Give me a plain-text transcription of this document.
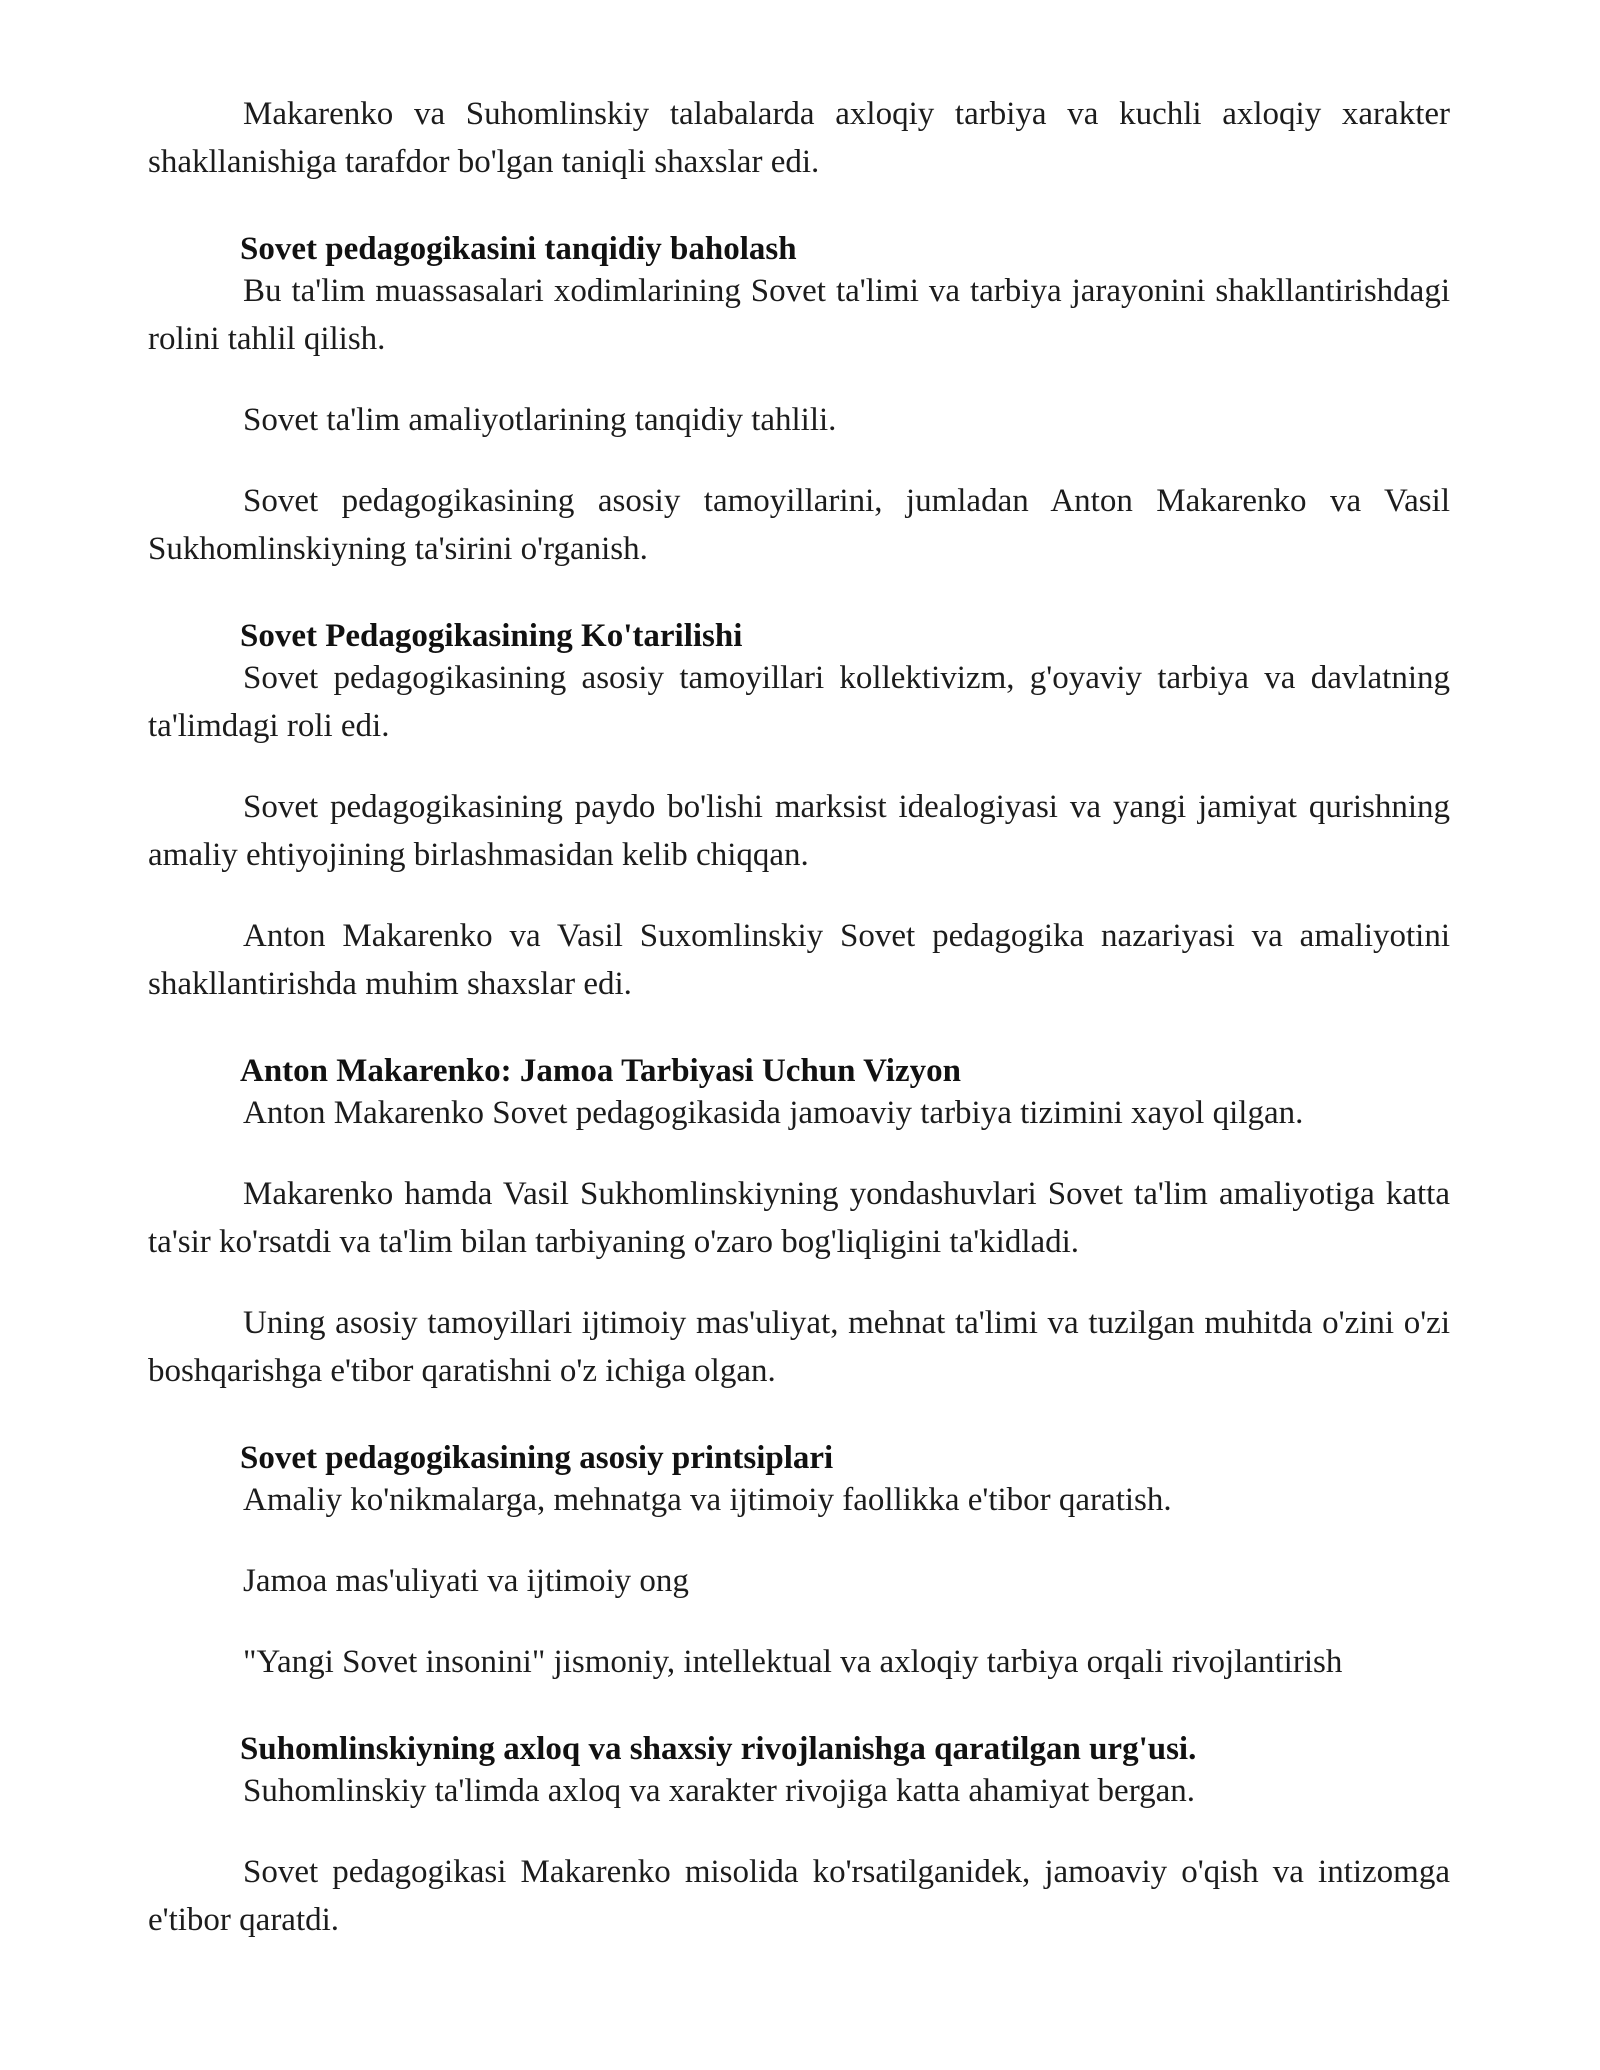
Makarenko va Suhomlinskiy talabalarda axloqiy tarbiya va kuchli axloqiy xarakter shakllanishiga tarafdor bo'lgan taniqli shaxslar edi.

Sovet pedagogikasini tanqidiy baholash

Bu ta'lim muassasalari xodimlarining Sovet ta'limi va tarbiya jarayonini shakllantirishdagi rolini tahlil qilish.

Sovet ta'lim amaliyotlarining tanqidiy tahlili.

Sovet pedagogikasining asosiy tamoyillarini, jumladan Anton Makarenko va Vasil Sukhomlinskiyning ta'sirini o'rganish.

Sovet Pedagogikasining Ko'tarilishi

Sovet pedagogikasining asosiy tamoyillari kollektivizm, g'oyaviy tarbiya va davlatning ta'limdagi roli edi.

Sovet pedagogikasining paydo bo'lishi marksist idealogiyasi va yangi jamiyat qurishning amaliy ehtiyojining birlashmasidan kelib chiqqan.

Anton Makarenko va Vasil Suxomlinskiy Sovet pedagogika nazariyasi va amaliyotini shakllantirishda muhim shaxslar edi.

Anton Makarenko: Jamoa Tarbiyasi Uchun Vizyon

Anton Makarenko Sovet pedagogikasida jamoaviy tarbiya tizimini xayol qilgan.

Makarenko hamda Vasil Sukhomlinskiyning yondashuvlari Sovet ta'lim amaliyotiga katta ta'sir ko'rsatdi va ta'lim bilan tarbiyaning o'zaro bog'liqligini ta'kidladi.

Uning asosiy tamoyillari ijtimoiy mas'uliyat, mehnat ta'limi va tuzilgan muhitda o'zini o'zi boshqarishga e'tibor qaratishni o'z ichiga olgan.

Sovet pedagogikasining asosiy printsiplari

Amaliy ko'nikmalarga, mehnatga va ijtimoiy faollikka e'tibor qaratish.

Jamoa mas'uliyati va ijtimoiy ong

"Yangi Sovet insonini" jismoniy, intellektual va axloqiy tarbiya orqali rivojlantirish

Suhomlinskiyning axloq va shaxsiy rivojlanishga qaratilgan urg'usi.

Suhomlinskiy ta'limda axloq va xarakter rivojiga katta ahamiyat bergan.

Sovet pedagogikasi Makarenko misolida ko'rsatilganidek, jamoaviy o'qish va intizomga e'tibor qaratdi.
